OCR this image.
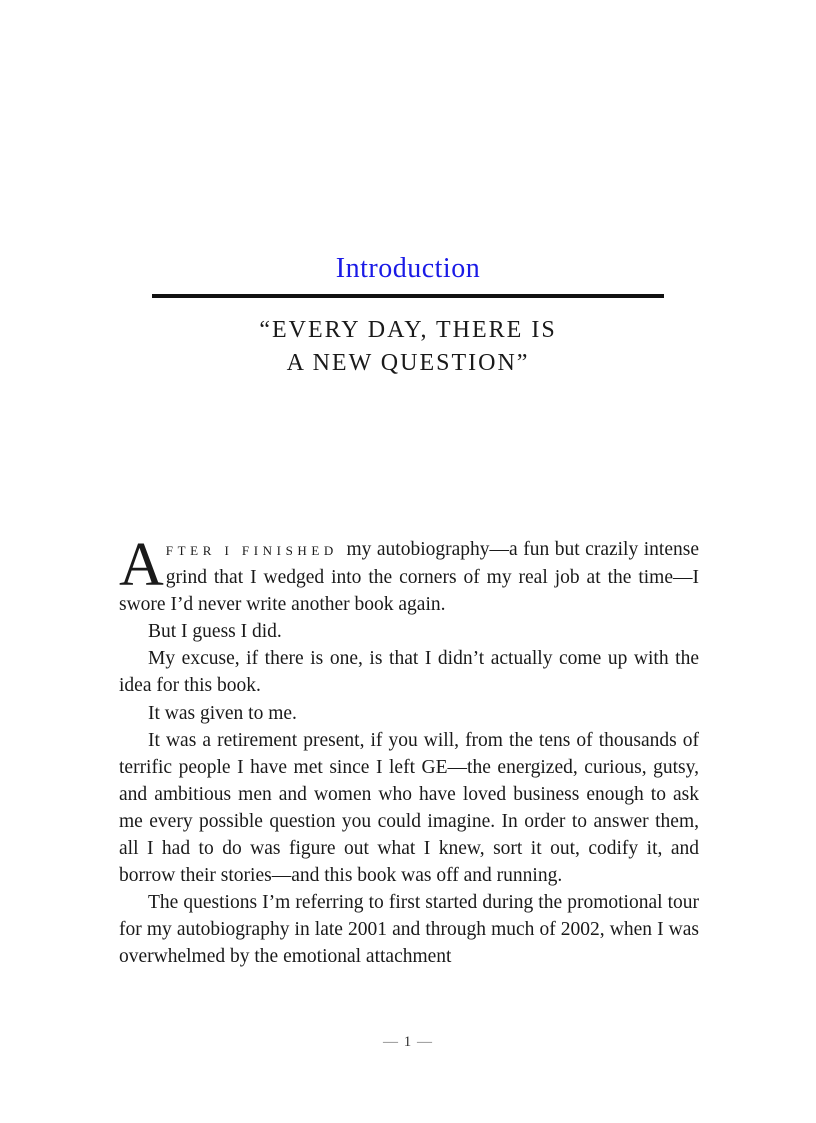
Introduction
“EVERY DAY, THERE IS
A NEW QUESTION”

AFTER I FINISHED my autobiography—a fun but crazily intense grind that I wedged into the corners of my real job at the time—I swore I’d never write another book again.

But I guess I did.

My excuse, if there is one, is that I didn’t actually come up with the idea for this book.

It was given to me.

It was a retirement present, if you will, from the tens of thousands of terrific people I have met since I left GE—the energized, curious, gutsy, and ambitious men and women who have loved business enough to ask me every possible question you could imagine. In order to answer them, all I had to do was figure out what I knew, sort it out, codify it, and borrow their stories—and this book was off and running.

The questions I’m referring to first started during the promotional tour for my autobiography in late 2001 and through much of 2002, when I was overwhelmed by the emotional attachment

— 1 —
